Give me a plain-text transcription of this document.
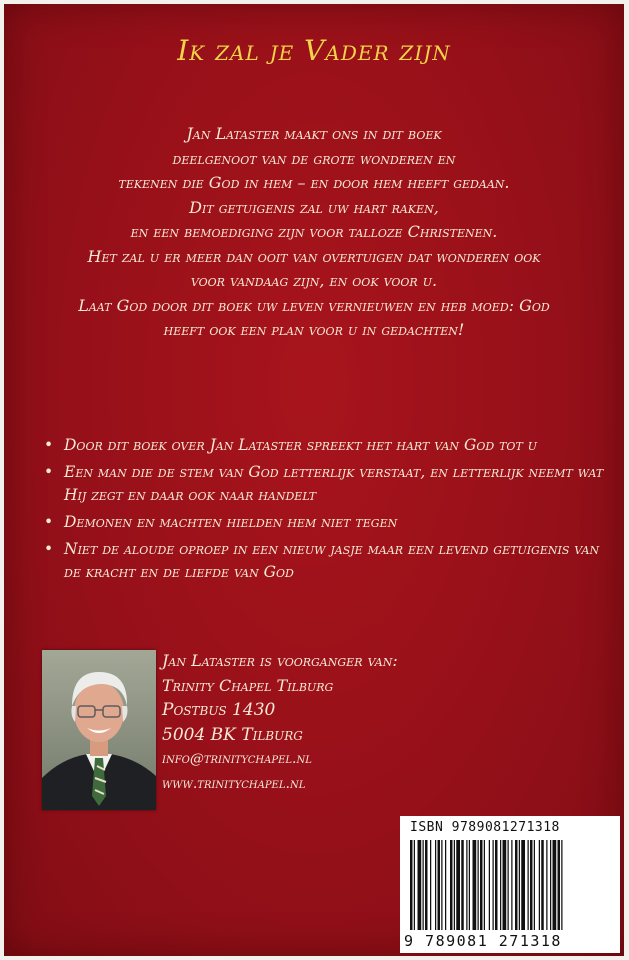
Ik zal je Vader zijn
Jan Lataster maakt ons in dit boek
deelgenoot van de grote wonderen en
tekenen die God in hem – en door hem heeft gedaan.
Dit getuigenis zal uw hart raken,
en een bemoediging zijn voor talloze Christenen.
Het zal u er meer dan ooit van overtuigen dat wonderen ook
voor vandaag zijn, en ook voor u.
Laat God door dit boek uw leven vernieuwen en heb moed: God
heeft ook een plan voor u in gedachten!
• Door dit boek over Jan Lataster spreekt het hart van God tot u
• Een man die de stem van God letterlijk verstaat, en letterlijk neemt wat Hij zegt en daar ook naar handelt
• Demonen en machten hielden hem niet tegen
• Niet de aloude oproep in een nieuw jasje maar een levend getuigenis van de kracht en de liefde van God
Jan Lataster is voorganger van:
Trinity Chapel Tilburg
Postbus 1430
5004 BK Tilburg
info@trinitychapel.nl
www.trinitychapel.nl
ISBN 9789081271318
9 789081 271318
